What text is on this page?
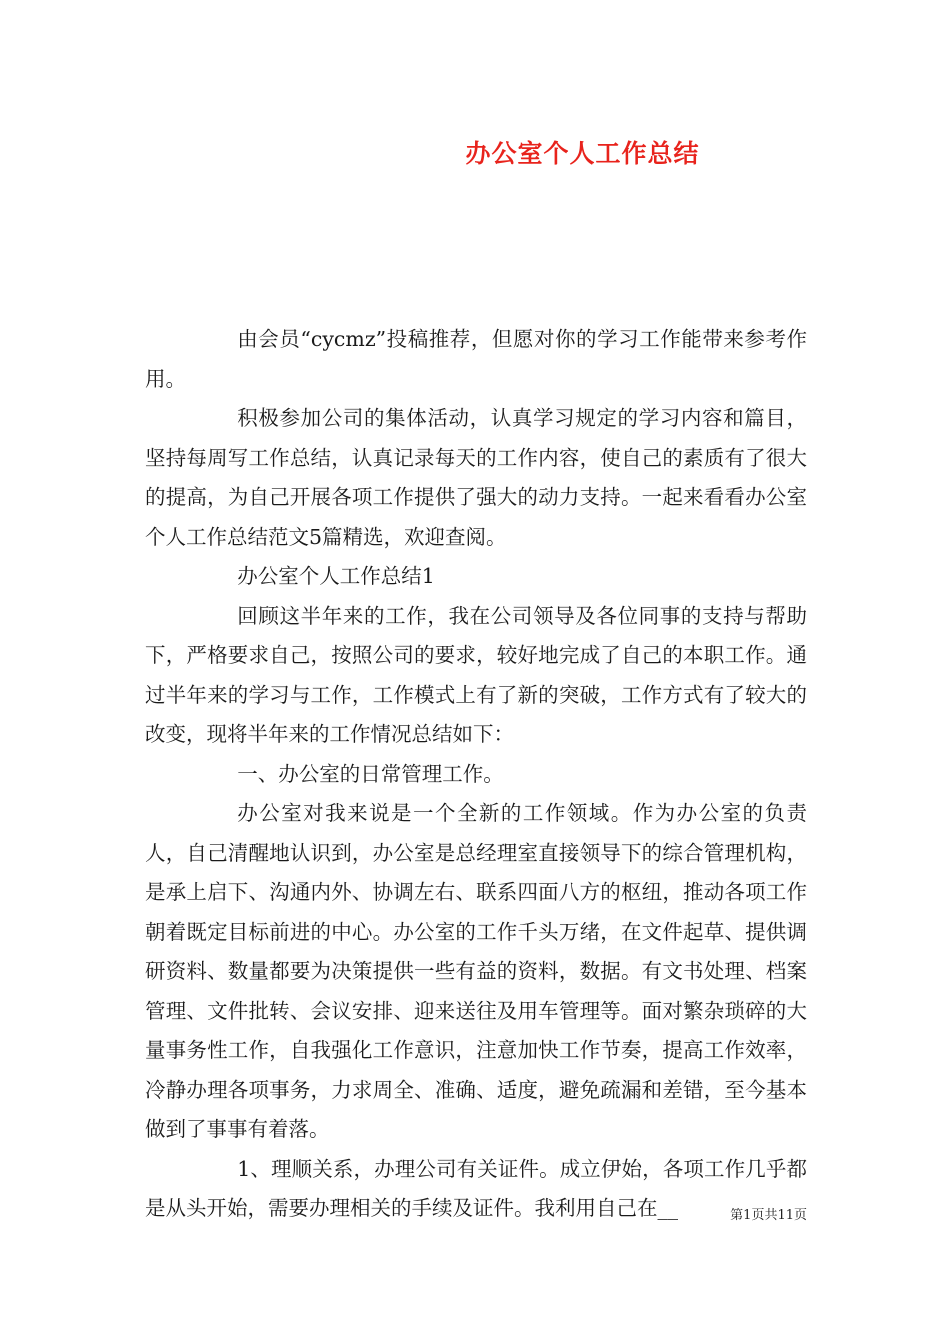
办公室个人工作总结

由会员“cycmz”投稿推荐，但愿对你的学习工作能带来参考作用。

积极参加公司的集体活动，认真学习规定的学习内容和篇目，坚持每周写工作总结，认真记录每天的工作内容，使自己的素质有了很大的提高，为自己开展各项工作提供了强大的动力支持。一起来看看办公室个人工作总结范文5篇精选，欢迎查阅。

办公室个人工作总结1

回顾这半年来的工作，我在公司领导及各位同事的支持与帮助下，严格要求自己，按照公司的要求，较好地完成了自己的本职工作。通过半年来的学习与工作，工作模式上有了新的突破，工作方式有了较大的改变，现将半年来的工作情况总结如下：

一、办公室的日常管理工作。

办公室对我来说是一个全新的工作领域。作为办公室的负责人，自己清醒地认识到，办公室是总经理室直接领导下的综合管理机构，是承上启下、沟通内外、协调左右、联系四面八方的枢纽，推动各项工作朝着既定目标前进的中心。办公室的工作千头万绪，在文件起草、提供调研资料、数量都要为决策提供一些有益的资料，数据。有文书处理、档案管理、文件批转、会议安排、迎来送往及用车管理等。面对繁杂琐碎的大量事务性工作，自我强化工作意识，注意加快工作节奏，提高工作效率，冷静办理各项事务，力求周全、准确、适度，避免疏漏和差错，至今基本做到了事事有着落。

1、理顺关系，办理公司有关证件。成立伊始，各项工作几乎都是从头开始，需要办理相关的手续及证件。我利用自己在__	第1页共11页
